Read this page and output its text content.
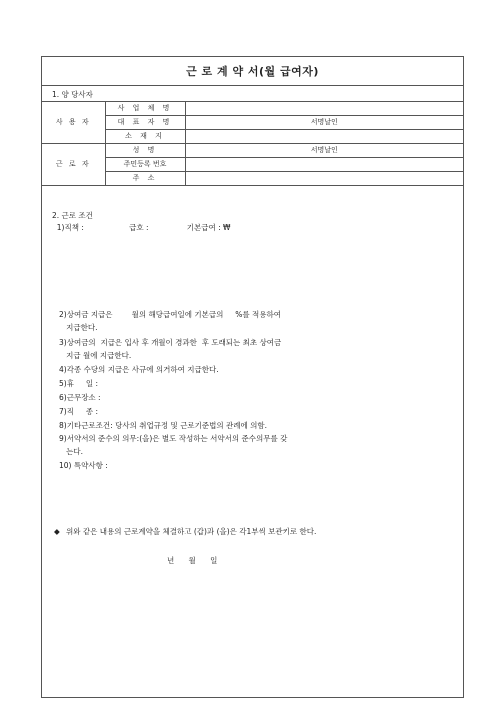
근 로 계 약 서(월 급여자)
1. 양 당사자
사 용 자	사 업 체 명	
	대 표 자 명	서명날인
	소 재 지	
근 로 자	성 명	서명날인
	주민등록 번호	
	주 소	
2. 근로 조건
1)직책 :                   급호 :                기본급여 : ₩
2)상여금 지급은        월의 해당급여일에 기본급의     %를 적용하여
지급한다.
3)상여금의  지급은 입사 후 개월이 경과한  후 도래되는 최초 상여금
지급 월에 지급한다.
4)각종 수당의 지급은 사규에 의거하여 지급한다.
5)휴     일 :
6)근무장소 :
7)직     종 :
8)기타근로조건: 당사의 취업규정 및 근로기준법의 관례에 의함.
9)서약서의 준수의 의무:(을)은 별도 작성하는 서약서의 준수의무를 갖
는다.
10) 특약사항 :
◆ 위와 같은 내용의 근로계약을 체결하고 (갑)과 (을)은 각1부씩 보관키로 한다.
년      월      일
